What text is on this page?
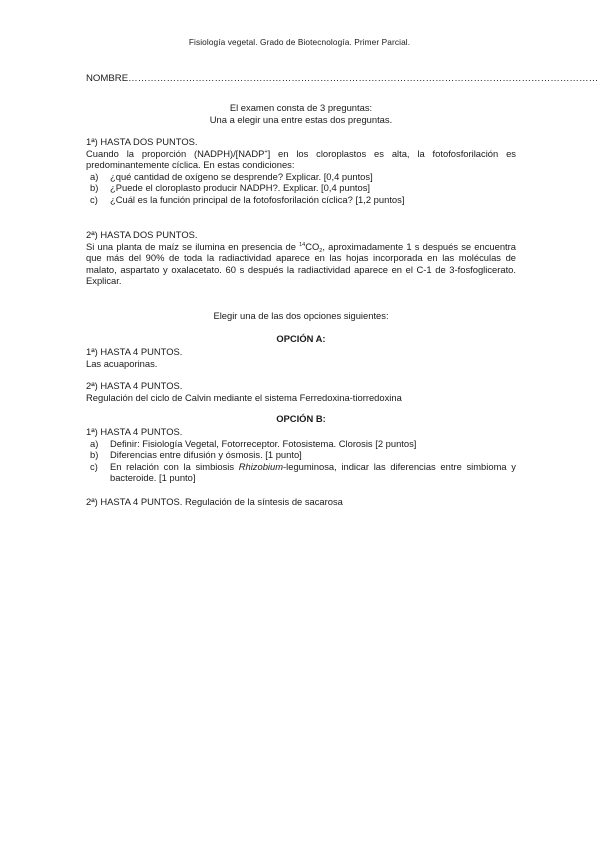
Fisiología vegetal. Grado de Biotecnología. Primer Parcial.
NOMBRE…………………………………………………………………………………………………………………………………
El examen consta de 3 preguntas:
Una a elegir una entre estas dos preguntas.
1ª) HASTA DOS PUNTOS.
Cuando la proporción (NADPH)/[NADP+] en los cloroplastos es alta, la fotofosforilación es predominantemente cíclica. En estas condiciones:
a) ¿qué cantidad de oxígeno se desprende? Explicar. [0,4 puntos]
b) ¿Puede el cloroplasto producir NADPH?. Explicar. [0,4 puntos]
c) ¿Cuál es la función principal de la fotofosforilación cíclica? [1,2 puntos]
2ª) HASTA DOS PUNTOS.
Si una planta de maíz se ilumina en presencia de $^{14}CO_2$, aproximadamente 1 s después se encuentra que más del 90% de toda la radiactividad aparece en las hojas incorporada en las moléculas de malato, aspartato y oxalacetato. 60 s después la radiactividad aparece en el C-1 de 3-fosfoglicerato. Explicar.
Elegir una de las dos opciones siguientes:
OPCIÓN A:
1ª) HASTA 4 PUNTOS.
Las acuaporinas.
2ª) HASTA 4 PUNTOS.
Regulación del ciclo de Calvin mediante el sistema Ferredoxina-tiorredoxina
OPCIÓN B:
1ª) HASTA 4 PUNTOS.
a) Definir: Fisiología Vegetal, Fotorreceptor. Fotosistema. Clorosis [2 puntos]
b) Diferencias entre difusión y ósmosis. [1 punto]
c) En relación con la simbiosis Rhizobium-leguminosa, indicar las diferencias entre simbioma y bacteroide. [1 punto]
2ª) HASTA 4 PUNTOS. Regulación de la síntesis de sacarosa
